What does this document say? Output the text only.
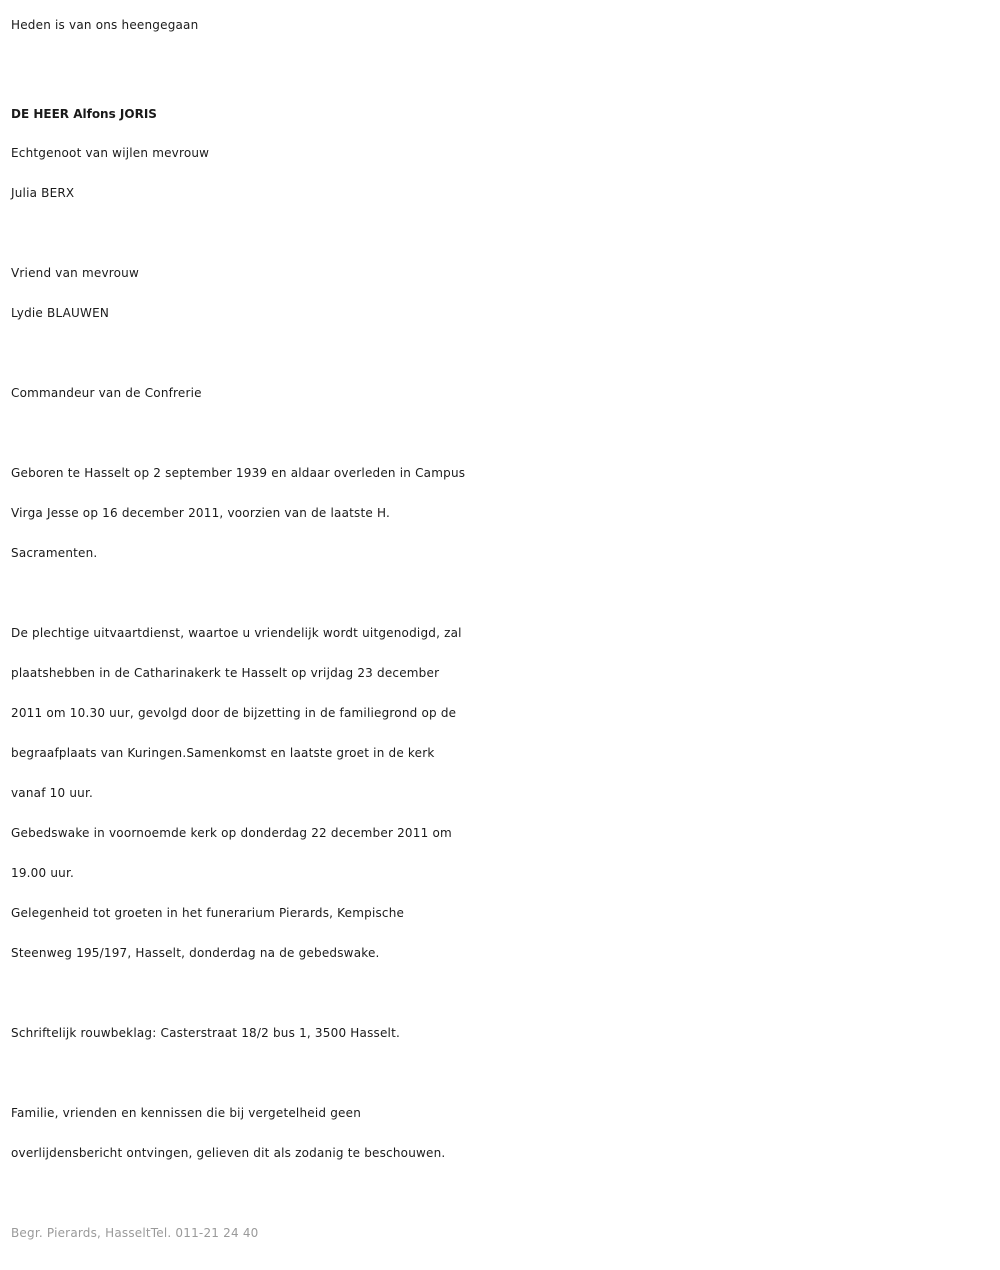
Heden is van ons heengegaan
DE HEER Alfons JORIS
Echtgenoot van wijlen mevrouw
Julia BERX
Vriend van mevrouw
Lydie BLAUWEN
Commandeur van de Confrerie
Geboren te Hasselt op 2 september 1939 en aldaar overleden in Campus
Virga Jesse op 16 december 2011, voorzien van de laatste H.
Sacramenten.
De plechtige uitvaartdienst, waartoe u vriendelijk wordt uitgenodigd, zal
plaatshebben in de Catharinakerk te Hasselt op vrijdag 23 december
2011 om 10.30 uur, gevolgd door de bijzetting in de familiegrond op de
begraafplaats van Kuringen.Samenkomst en laatste groet in de kerk
vanaf 10 uur.
Gebedswake in voornoemde kerk op donderdag 22 december 2011 om
19.00 uur.
Gelegenheid tot groeten in het funerarium Pierards, Kempische
Steenweg 195/197, Hasselt, donderdag na de gebedswake.
Schriftelijk rouwbeklag: Casterstraat 18/2 bus 1, 3500 Hasselt.
Familie, vrienden en kennissen die bij vergetelheid geen
overlijdensbericht ontvingen, gelieven dit als zodanig te beschouwen.
Begr. Pierards, HasseltTel. 011-21 24 40
